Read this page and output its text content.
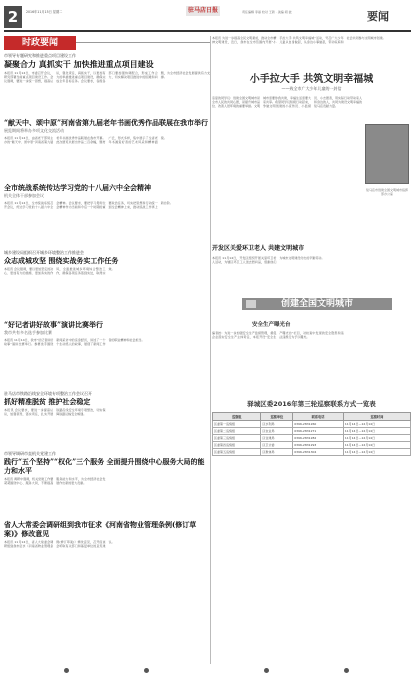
2	2016年11月15日 星期二	驻马店日报	责任编辑 李丽 校对 王新 · 美编 胡 波	要闻
时政要闻
市领导专题研究和推进重点项目建设工作
凝聚合力 真抓实干 加快推进重点项目建设
本报讯 11月14日，市委召开会议，研究部署当前重点项目建设工作。会议强调，要进一步统一思想，提高认识，强化责任，真抓实干，以更加有力的举措推进重点项目建设，确保完成全年目标任务。会议要求，各级各部门要加强协调配合，形成工作合力，切实解决项目推进中的困难和问题，为全市经济社会发展提供有力支撑。
“献天中、颂中原”河南省第九届老年书画优秀作品联展在我市举行
展览期间将举办多项文化交流活动
本报讯 11月14日，由省老干部局主办的“献天中、颂中原”河南省第九届老年书画优秀作品联展在我市开幕。此次展览共展出作品二百余幅，题材广泛，形式多样，集中展示了全省老年书画爱好者的艺术风采和精神面貌。
全市统战系统传达学习党的十八届六中全会精神
机关全体干部参加会议
本报讯 11月14日，全市统战系统召开会议，传达学习党的十八届六中全会精神。会议要求，要把学习贯彻全会精神作为当前和今后一个时期的重要政治任务，切实把思想和行动统一到全会精神上来，推动统战工作再上新台阶。
城乡建设局组织召开城乡环境整治工作推进会
众志成城攻坚 围绕实战务实工作任务
本报讯 会议强调，要以更加坚定的决心、更加有力的措施、更加务实的作风，全面推进城乡环境综合整治工作，确保各项任务落到实处，取得实效。
“好记者讲好故事”演讲比赛举行
我市共有多名选手参加比赛
本报讯 11月14日，我市“好记者讲好故事”演讲比赛举行。参赛选手围绕新闻采访中的亲身经历，讲述了一个个生动感人的故事，展现了新闻工作者的职业精神和社会担当。
驻马店市铁路沿线安全环境专项整治工作会议召开
抓好精准脱贫 推护社会稳定
本报讯 会议要求，要进一步提高认识，加强领导，落实责任，扎实开展铁路沿线安全环境专项整治，切实保障铁路运输安全畅通。
市领导调研市直机关党建工作
践行“五个坚持”“权化”三个服务 全面提升围绕中心服务大局的能力和水平
本报讯 调研中强调，机关党建工作要紧紧围绕中心、服务大局，不断提高服务能力和水平，为全市经济社会发展作出新的更大贡献。
省人大常委会调研组到我市征求《河南省物业管理条例(修订草案)》修改意见
本报讯 11月14日，省人大常委会调研组到我市征求《河南省物业管理条例(修订草案)》修改意见，召开座谈会听取有关部门和基层单位的意见建议。
本报讯 为进一步提高全民文明素质，推动全市精神文明建设，近日，我市在全市范围内开展“小手拉大手 共筑文明幸福城”活动，号召广大少年儿童从自身做起，从身边小事做起，带动家庭和社会共同参与文明城市创建。
小手拉大手 共筑文明幸福城
——致全市广大少年儿童的一封信
亲爱的同学们：创建全国文明城市是全市人民的共同心愿，是提升城市品位、改善人居环境的重要举措。文明城市需要你我共建，幸福生活需要大家共享。希望同学们积极行动起来，争做文明创建的小宣传员、小监督员、小志愿者，用实际行动带动家人和身边的人，共同为建设文明幸福的驻马店贡献力量。
驻马店市创建全国文明城市指挥部办公室
开发区关爱环卫老人 共建文明城市
本报讯 11月14日，开发区组织开展关爱环卫老人活动，为辖区环卫工人送去慰问品，感谢他们为城市文明建设付出的辛勤劳动。
创建全国文明城市
安全生产曝光台
编者按：为进一步加强安全生产监督管理，督促企业落实安全生产主体责任，本报开设“安全生产曝光台”栏目，对检查中发现的安全隐患和违法违规行为予以曝光。
驿城区委2016年第三轮巡察联系方式一览表
巡察组	巡察单位	联系电话	巡察时间
区委第一巡察组	区水利局	0396-2831260	11月14日—12月14日
区委第二巡察组	区农业局	0396-2831271	11月14日—12月14日
区委第三巡察组	区住建局	0396-2831282	11月14日—12月14日
区委第四巡察组	区卫计委	0396-2831293	11月14日—12月14日
区委第五巡察组	区教体局	0396-2831304	11月14日—12月14日
